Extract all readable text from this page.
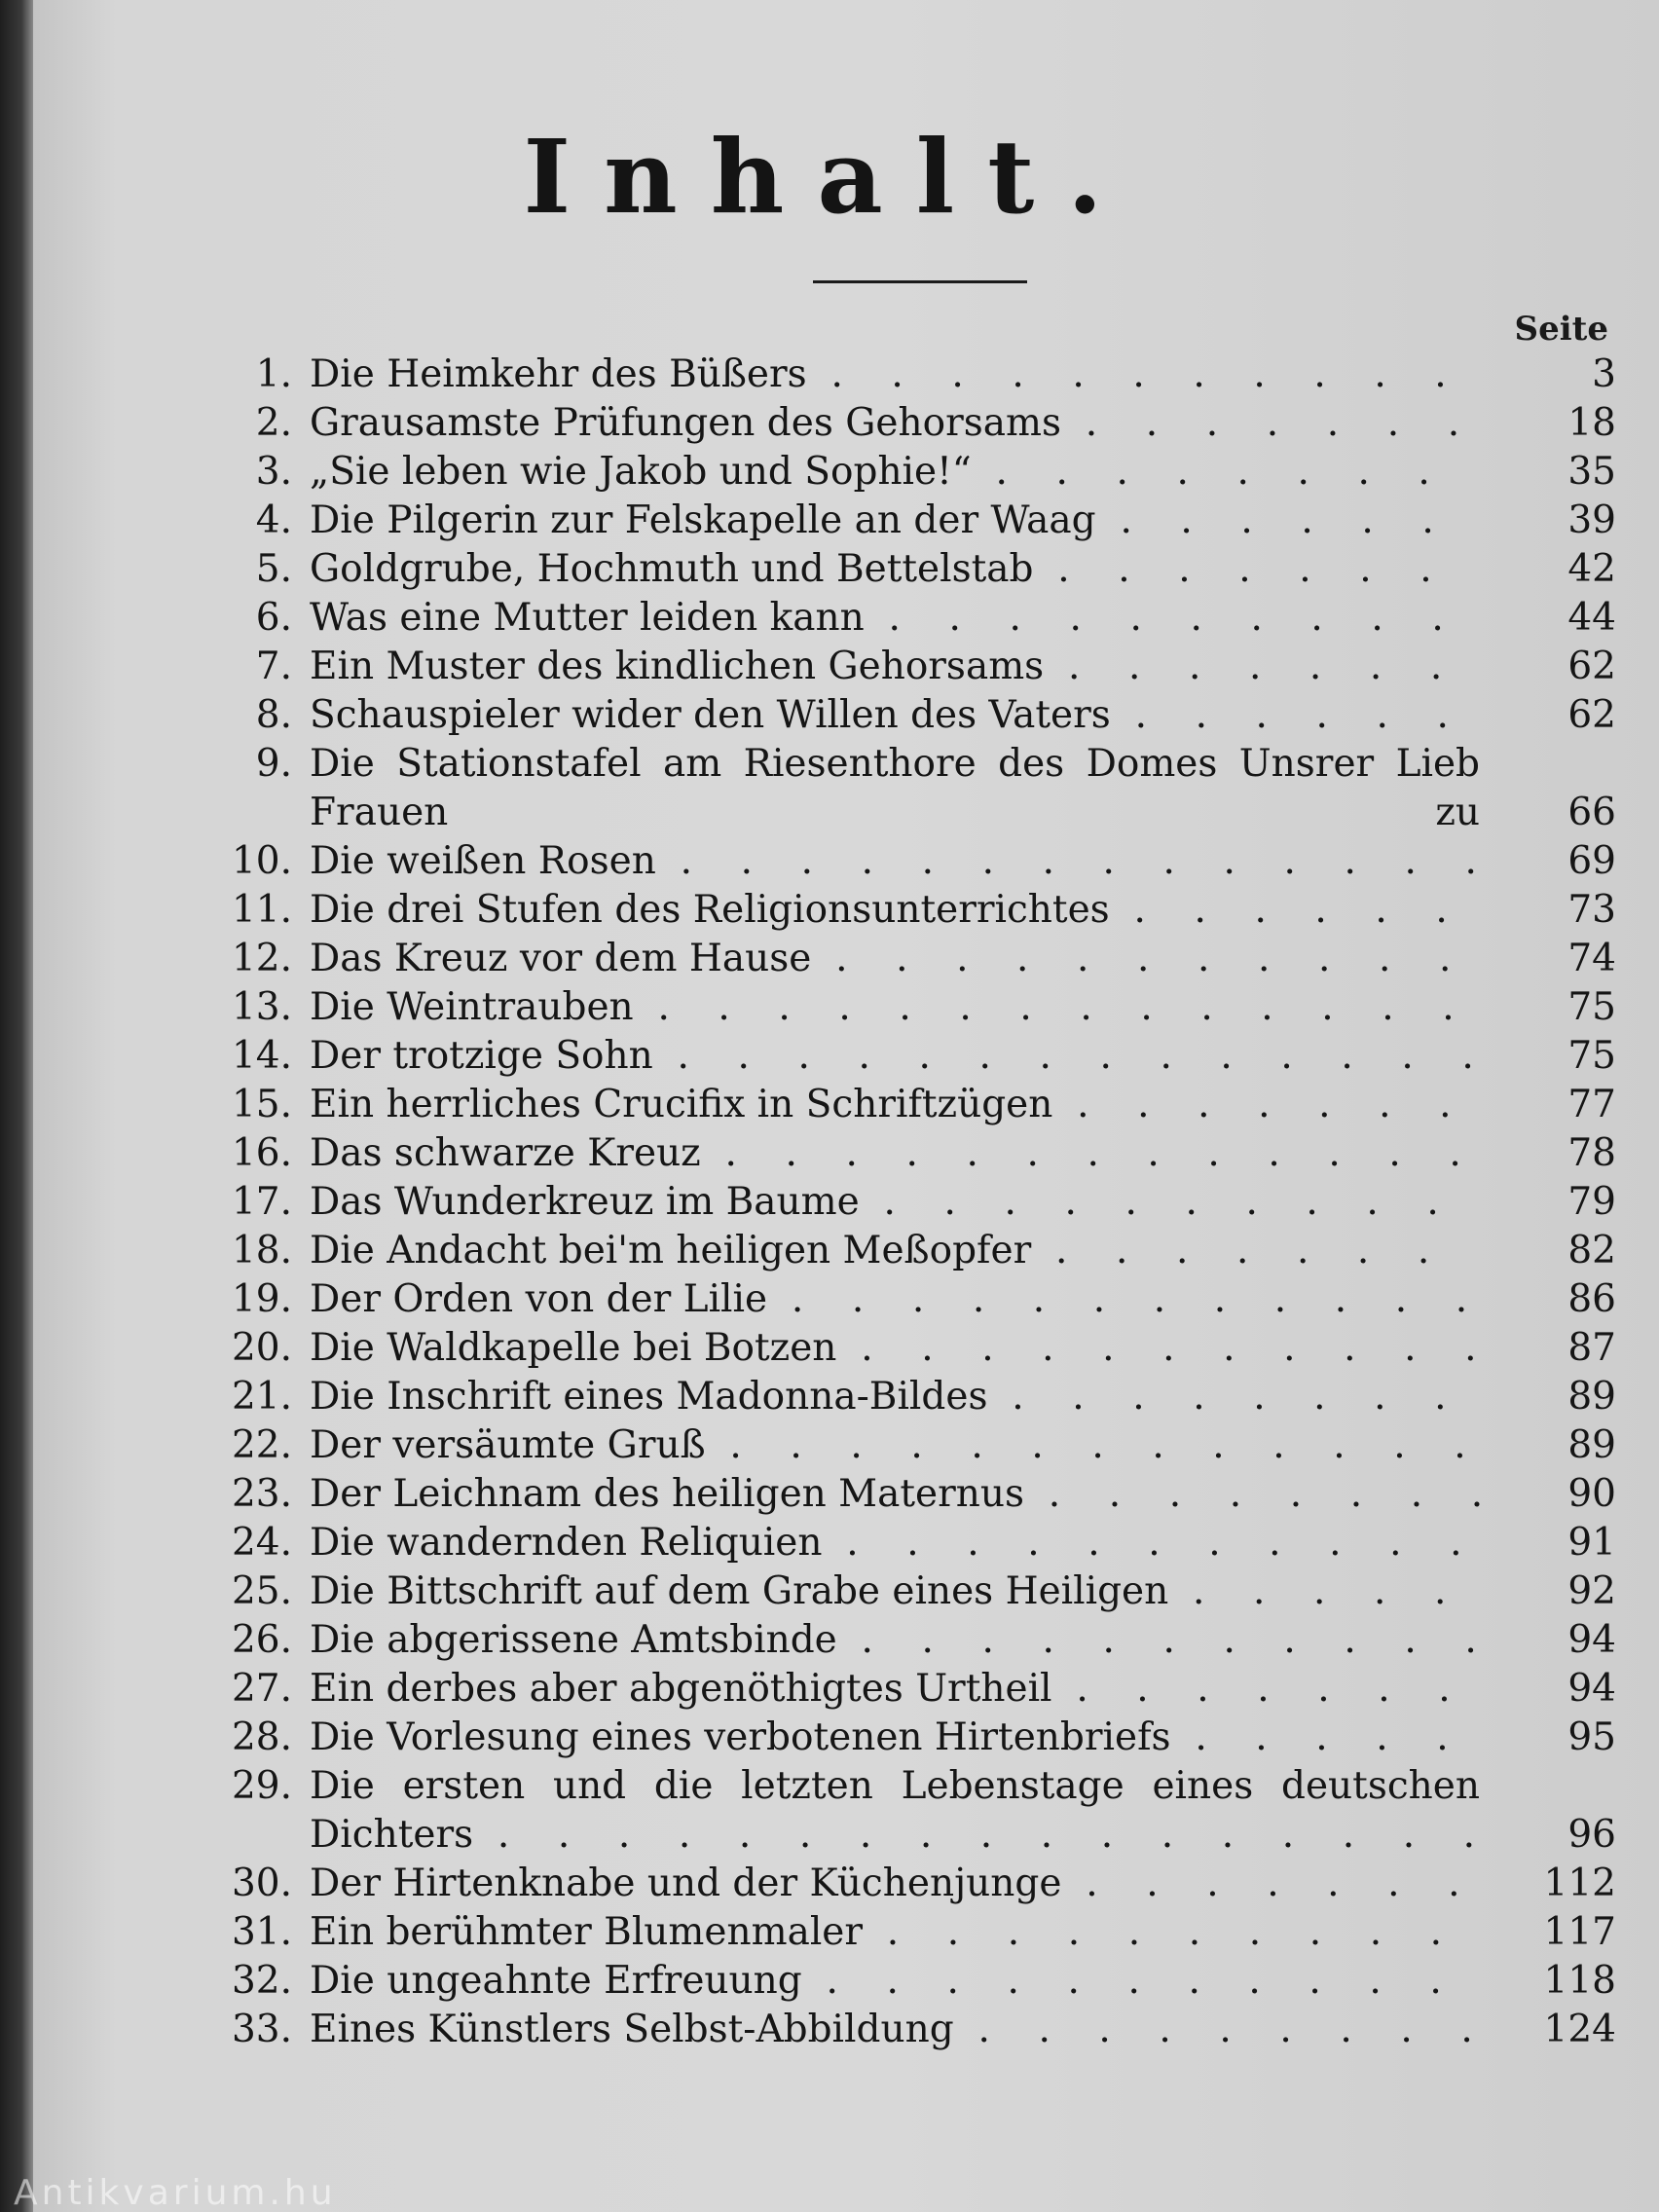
Inhalt.
Seite
1. Die Heimkehr des Büßers .	3
2. Grausamste Prüfungen des Gehorsams .	18
3. „Sie leben wie Jakob und Sophie!“ .	35
4. Die Pilgerin zur Felskapelle an der Waag .	39
5. Goldgrube, Hochmuth und Bettelstab .	42
6. Was eine Mutter leiden kann .	44
7. Ein Muster des kindlichen Gehorsams .	62
8. Schauspieler wider den Willen des Vaters .	62
9. Die Stationstafel am Riesenthore des Domes Unsrer Lieb Frauen zu .	66
10. Die weißen Rosen .	69
11. Die drei Stufen des Religionsunterrichtes .	73
12. Das Kreuz vor dem Hause .	74
13. Die Weintrauben .	75
14. Der trotzige Sohn .	75
15. Ein herrliches Crucifix in Schriftzügen .	77
16. Das schwarze Kreuz .	78
17. Das Wunderkreuz im Baume .	79
18. Die Andacht bei'm heiligen Meßopfer .	82
19. Der Orden von der Lilie .	86
20. Die Waldkapelle bei Botzen .	87
21. Die Inschrift eines Madonna-Bildes .	89
22. Der versäumte Gruß .	89
23. Der Leichnam des heiligen Maternus .	90
24. Die wandernden Reliquien .	91
25. Die Bittschrift auf dem Grabe eines Heiligen .	92
26. Die abgerissene Amtsbinde .	94
27. Ein derbes aber abgenöthigtes Urtheil .	94
28. Die Vorlesung eines verbotenen Hirtenbriefs .	95
29. Die ersten und die letzten Lebenstage eines deutschen Dichters .	96
30. Der Hirtenknabe und der Küchenjunge .	112
31. Ein berühmter Blumenmaler .	117
32. Die ungeahnte Erfreuung .	118
33. Eines Künstlers Selbst-Abbildung .	124
Antikvarium.hu
